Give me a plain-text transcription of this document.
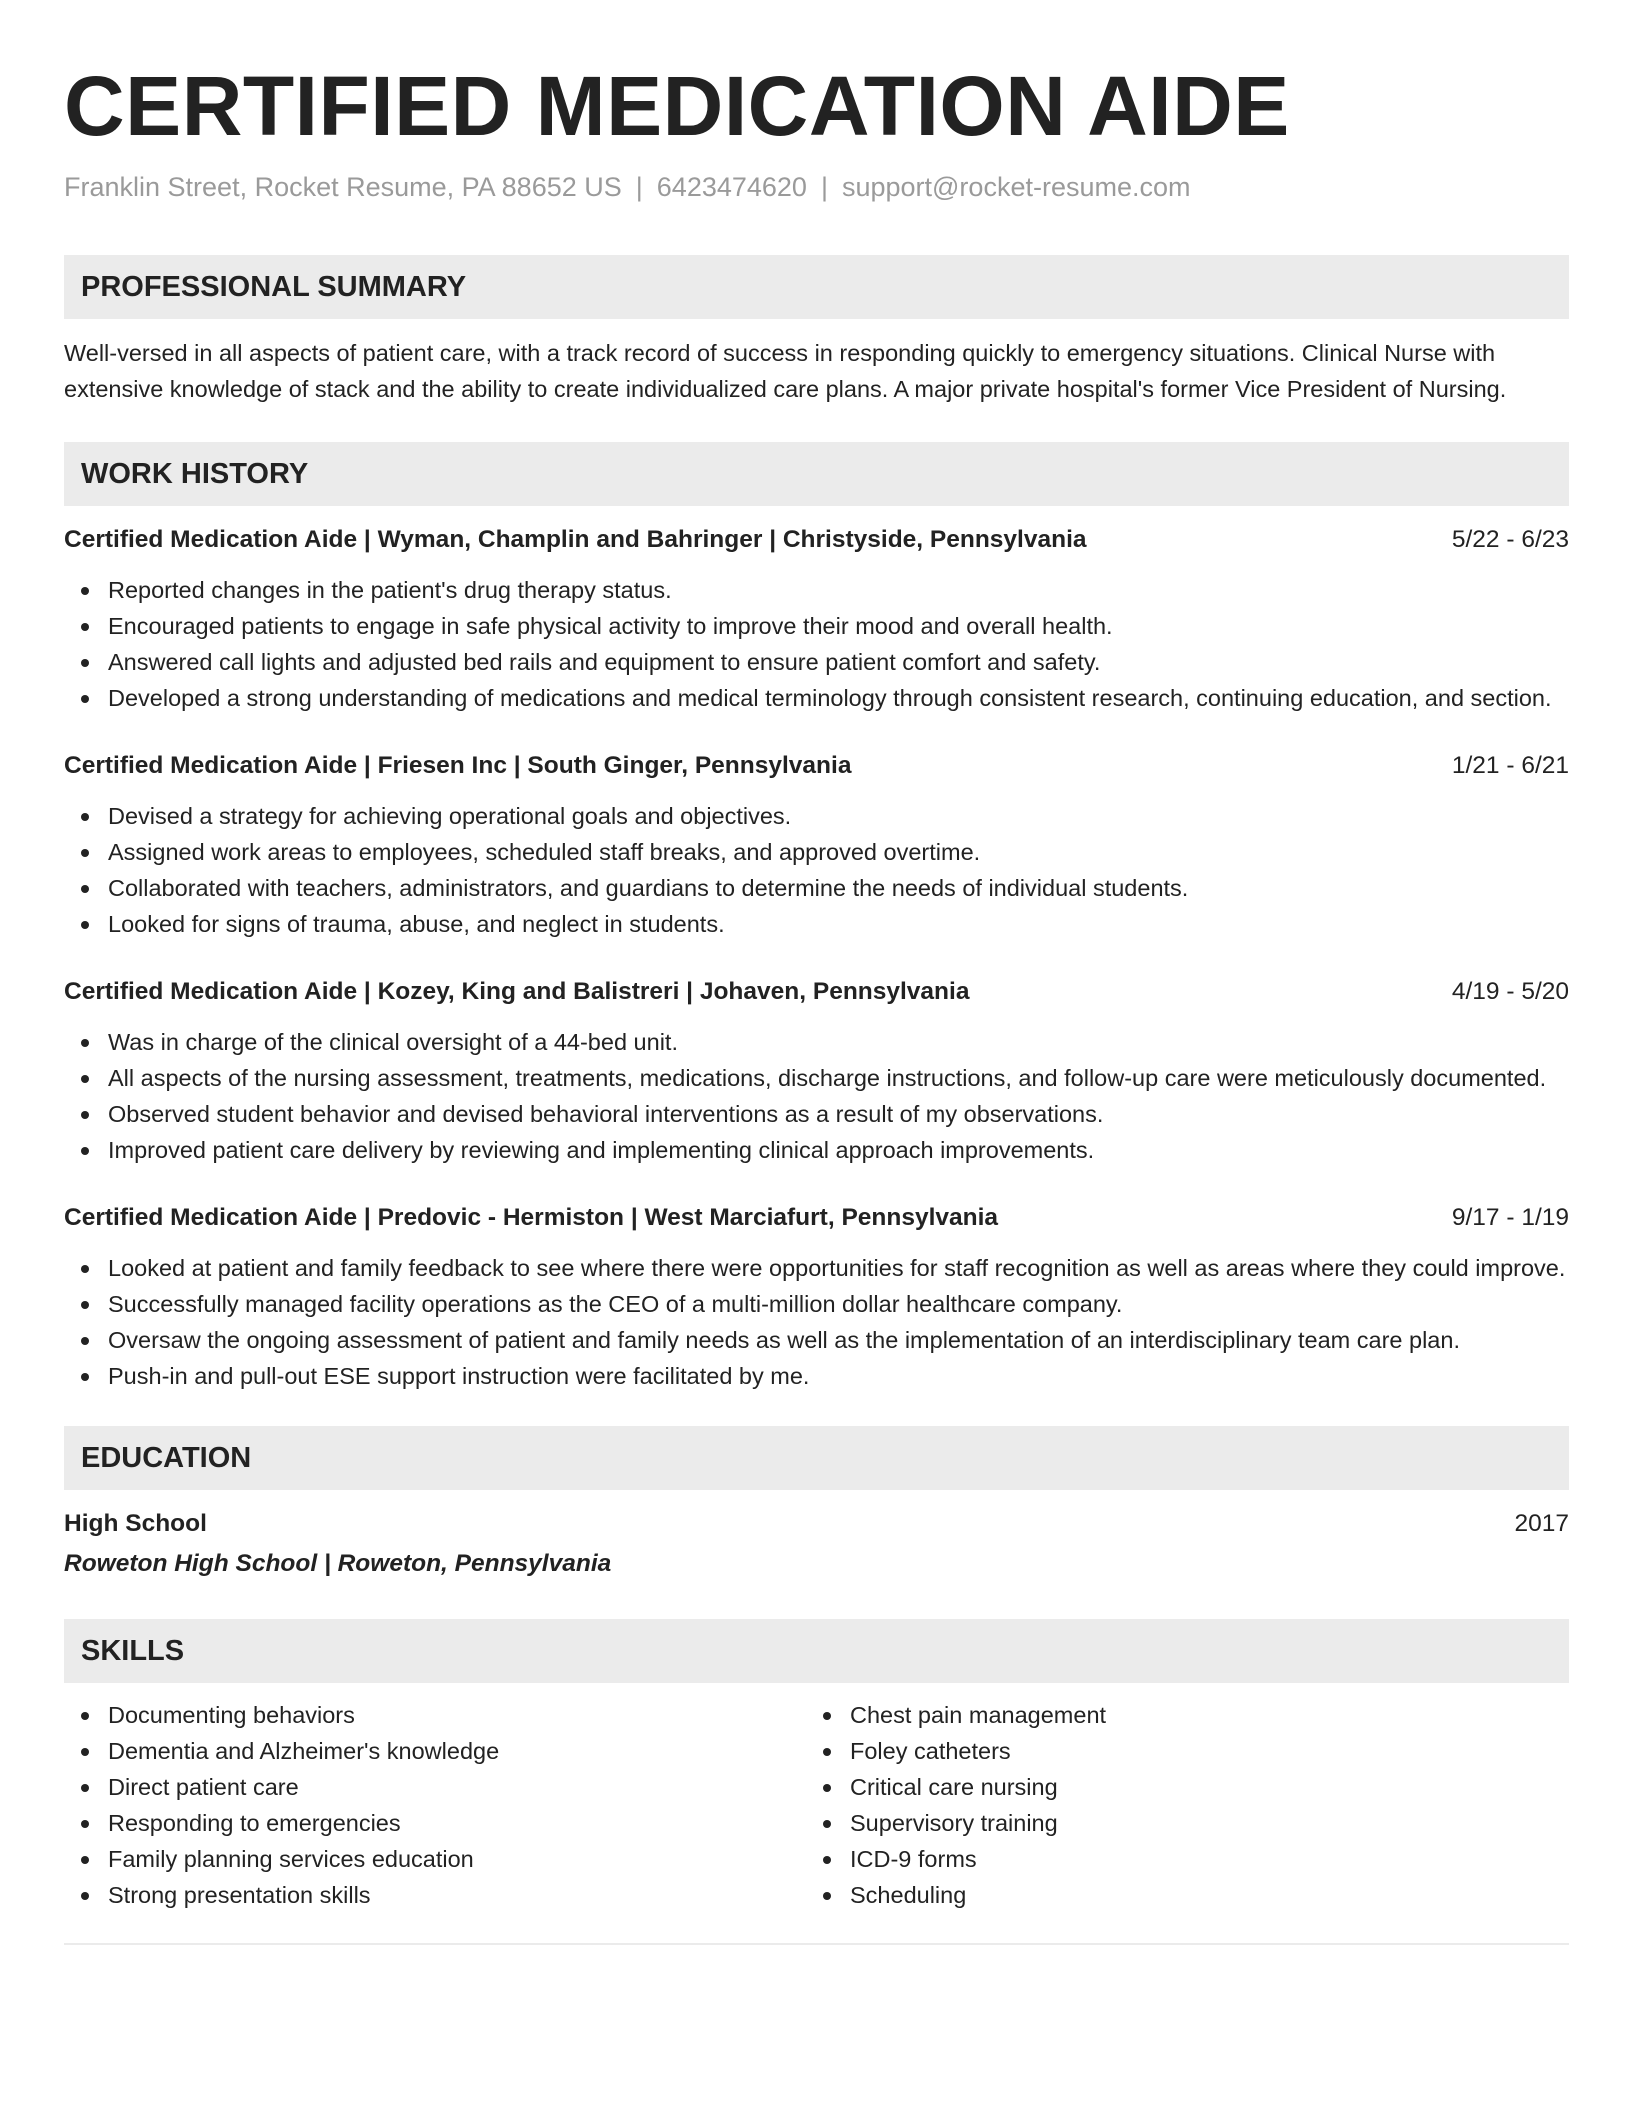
CERTIFIED MEDICATION AIDE
Franklin Street, Rocket Resume, PA 88652 US | 6423474620 | support@rocket-resume.com
PROFESSIONAL SUMMARY
Well-versed in all aspects of patient care, with a track record of success in responding quickly to emergency situations. Clinical Nurse with extensive knowledge of stack and the ability to create individualized care plans. A major private hospital's former Vice President of Nursing.
WORK HISTORY
Certified Medication Aide | Wyman, Champlin and Bahringer | Christyside, Pennsylvania	5/22 - 6/23
Reported changes in the patient's drug therapy status.
Encouraged patients to engage in safe physical activity to improve their mood and overall health.
Answered call lights and adjusted bed rails and equipment to ensure patient comfort and safety.
Developed a strong understanding of medications and medical terminology through consistent research, continuing education, and section.
Certified Medication Aide | Friesen Inc | South Ginger, Pennsylvania	1/21 - 6/21
Devised a strategy for achieving operational goals and objectives.
Assigned work areas to employees, scheduled staff breaks, and approved overtime.
Collaborated with teachers, administrators, and guardians to determine the needs of individual students.
Looked for signs of trauma, abuse, and neglect in students.
Certified Medication Aide | Kozey, King and Balistreri | Johaven, Pennsylvania	4/19 - 5/20
Was in charge of the clinical oversight of a 44-bed unit.
All aspects of the nursing assessment, treatments, medications, discharge instructions, and follow-up care were meticulously documented.
Observed student behavior and devised behavioral interventions as a result of my observations.
Improved patient care delivery by reviewing and implementing clinical approach improvements.
Certified Medication Aide | Predovic - Hermiston | West Marciafurt, Pennsylvania	9/17 - 1/19
Looked at patient and family feedback to see where there were opportunities for staff recognition as well as areas where they could improve.
Successfully managed facility operations as the CEO of a multi-million dollar healthcare company.
Oversaw the ongoing assessment of patient and family needs as well as the implementation of an interdisciplinary team care plan.
Push-in and pull-out ESE support instruction were facilitated by me.
EDUCATION
High School	2017
Roweton High School | Roweton, Pennsylvania
SKILLS
Documenting behaviors
Dementia and Alzheimer's knowledge
Direct patient care
Responding to emergencies
Family planning services education
Strong presentation skills
Chest pain management
Foley catheters
Critical care nursing
Supervisory training
ICD-9 forms
Scheduling
